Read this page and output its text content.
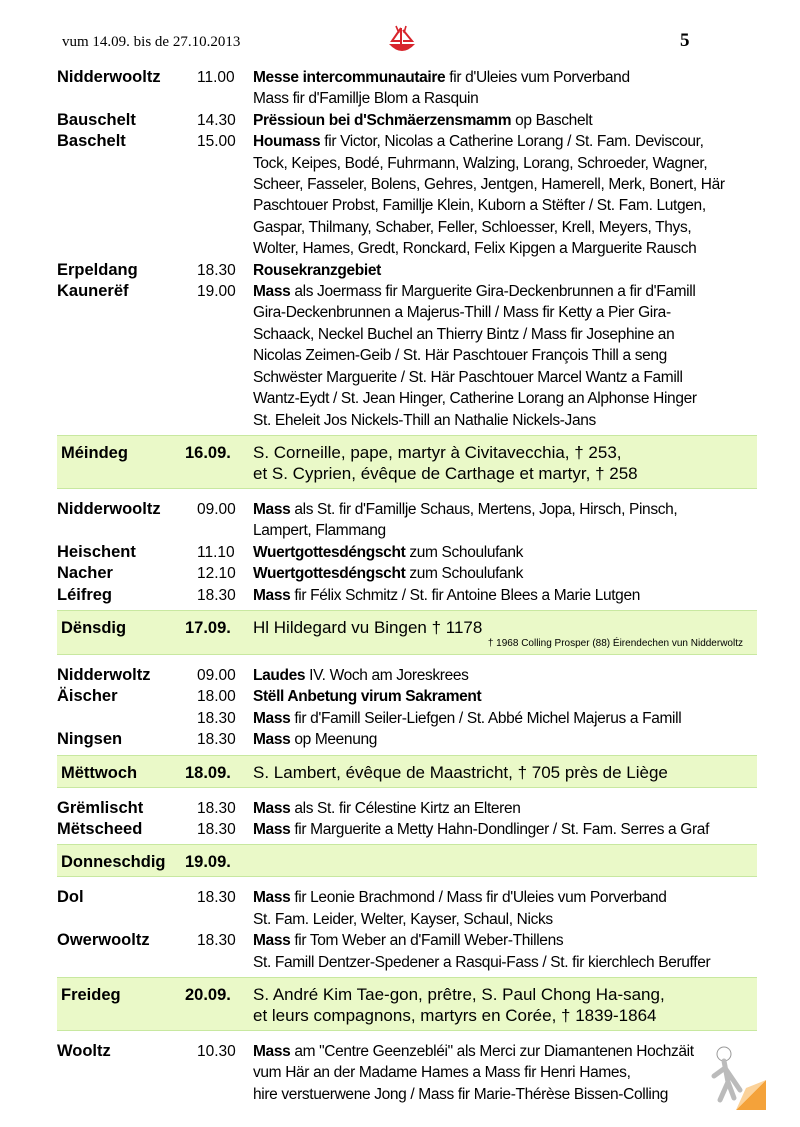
vum 14.09. bis de 27.10.2013	5
Nidderwooltz 11.00 Messe intercommunautaire fir d'Uleies vum Porverband
Mass fir d'Famillje Blom a Rasquin
Bauschelt	14.30 Prëssioun bei d'Schmäerzensmamm op Baschelt
Baschelt	15.00 Houmass fir Victor, Nicolas a Catherine Lorang / St. Fam. Deviscour,
Tock, Keipes, Bodé, Fuhrmann, Walzing, Lorang, Schroeder, Wagner,
Scheer, Fasseler, Bolens, Gehres, Jentgen, Hamerell, Merk, Bonert, Här
Paschtouer Probst, Famillje Klein, Kuborn a Stëfter / St. Fam. Lutgen,
Gaspar, Thilmany, Schaber, Feller, Schloesser, Krell, Meyers, Thys,
Wolter, Hames, Gredt, Ronckard, Felix Kipgen a Marguerite Rausch
Erpeldang	18.30 Rousekranzgebiet
Kaunerëf	19.00 Mass als Joermass fir Marguerite Gira-Deckenbrunnen a fir d'Famill
Gira-Deckenbrunnen a Majerus-Thill / Mass fir Ketty a Pier Gira-
Schaack, Neckel Buchel an Thierry Bintz / Mass fir Josephine an
Nicolas Zeimen-Geib / St. Här Paschtouer François Thill a seng
Schwëster Marguerite / St. Här Paschtouer Marcel Wantz a Famill
Wantz-Eydt / St. Jean Hinger, Catherine Lorang an Alphonse Hinger
St. Eheleit Jos Nickels-Thill an Nathalie Nickels-Jans
Méindeg	16.09. S. Corneille, pape, martyr à Civitavecchia, † 253,
et S. Cyprien, évêque de Carthage et martyr, † 258
Nidderwooltz 09.00 Mass als St. fir d'Famillje Schaus, Mertens, Jopa, Hirsch, Pinsch,
Lampert, Flammang
Heischent	11.10 Wuertgottesdéngscht zum Schoulufank
Nacher	12.10 Wuertgottesdéngscht zum Schoulufank
Léifreg	18.30 Mass fir Félix Schmitz / St. fir Antoine Blees a Marie Lutgen
Dënsdig	17.09. Hl Hildegard vu Bingen † 1178
† 1968 Colling Prosper (88) Éirendechen vun Nidderwoltz
Nidderwoltz	09.00 Laudes IV. Woch am Joreskrees
Äischer	18.00 Stëll Anbetung virum Sakrament
18.30 Mass fir d'Famill Seiler-Liefgen / St. Abbé Michel Majerus a Famill
Ningsen	18.30 Mass op Meenung
Mëttwoch	18.09. S. Lambert, évêque de Maastricht, † 705 près de Liège
Grëmlischt	18.30 Mass als St. fir Célestine Kirtz an Elteren
Mëtscheed	18.30 Mass fir Marguerite a Metty Hahn-Dondlinger / St. Fam. Serres a Graf
Donneschdig 19.09.
Dol	18.30 Mass fir Leonie Brachmond / Mass fir d'Uleies vum Porverband
St. Fam. Leider, Welter, Kayser, Schaul, Nicks
Owerwooltz	18.30 Mass fir Tom Weber an d'Famill Weber-Thillens
St. Famill Dentzer-Spedener a Rasqui-Fass / St. fir kierchlech Beruffer
Freideg	20.09. S. André Kim Tae-gon, prêtre, S. Paul Chong Ha-sang,
et leurs compagnons, martyrs en Corée, † 1839-1864
Wooltz	10.30 Mass am "Centre Geenzebléi" als Merci zur Diamantenen Hochzäit
vum Här an der Madame Hames a Mass fir Henri Hames,
hire verstuerwene Jong / Mass fir Marie-Thérèse Bissen-Colling
